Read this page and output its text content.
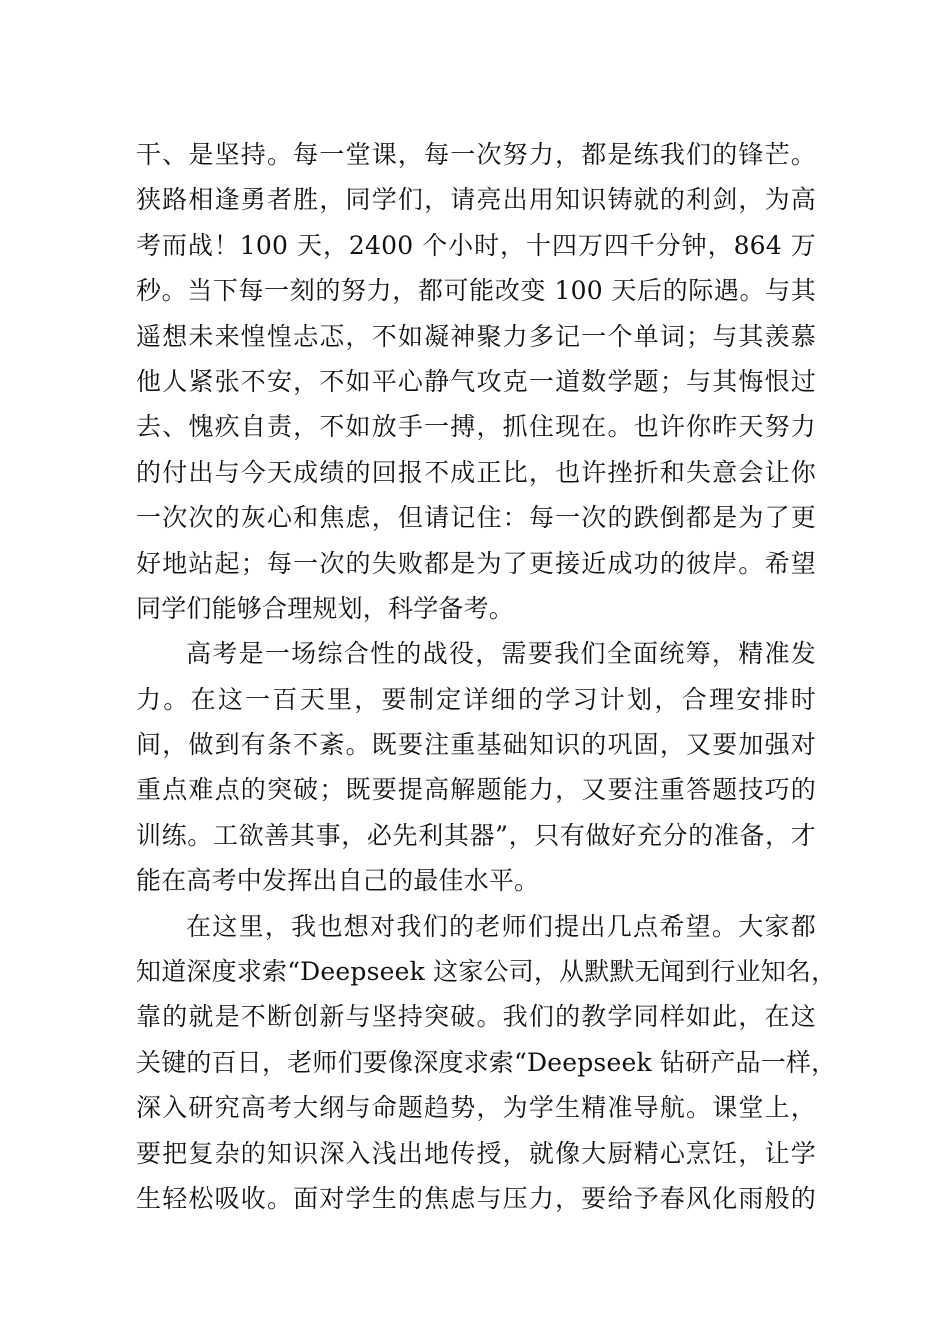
干、是坚持。每一堂课，每一次努力，都是练我们的锋芒。
狭路相逢勇者胜，同学们，请亮出用知识铸就的利剑，为高
考而战！100 天，2400 个小时，十四万四千分钟，864 万
秒。当下每一刻的努力，都可能改变 100 天后的际遇。与其
遥想未来惶惶忐忑，不如凝神聚力多记一个单词；与其羡慕
他人紧张不安，不如平心静气攻克一道数学题；与其悔恨过
去、愧疚自责，不如放手一搏，抓住现在。也许你昨天努力
的付出与今天成绩的回报不成正比，也许挫折和失意会让你
一次次的灰心和焦虑，但请记住：每一次的跌倒都是为了更
好地站起；每一次的失败都是为了更接近成功的彼岸。希望
同学们能够合理规划，科学备考。
高考是一场综合性的战役，需要我们全面统筹，精准发
力。在这一百天里，要制定详细的学习计划，合理安排时
间，做到有条不紊。既要注重基础知识的巩固，又要加强对
重点难点的突破；既要提高解题能力，又要注重答题技巧的
训练。工欲善其事，必先利其器”，只有做好充分的准备，才
能在高考中发挥出自己的最佳水平。
在这里，我也想对我们的老师们提出几点希望。大家都
知道深度求索“Deepseek 这家公司，从默默无闻到行业知名，
靠的就是不断创新与坚持突破。我们的教学同样如此，在这
关键的百日，老师们要像深度求索“Deepseek 钻研产品一样，
深入研究高考大纲与命题趋势，为学生精准导航。课堂上，
要把复杂的知识深入浅出地传授，就像大厨精心烹饪，让学
生轻松吸收。面对学生的焦虑与压力，要给予春风化雨般的
